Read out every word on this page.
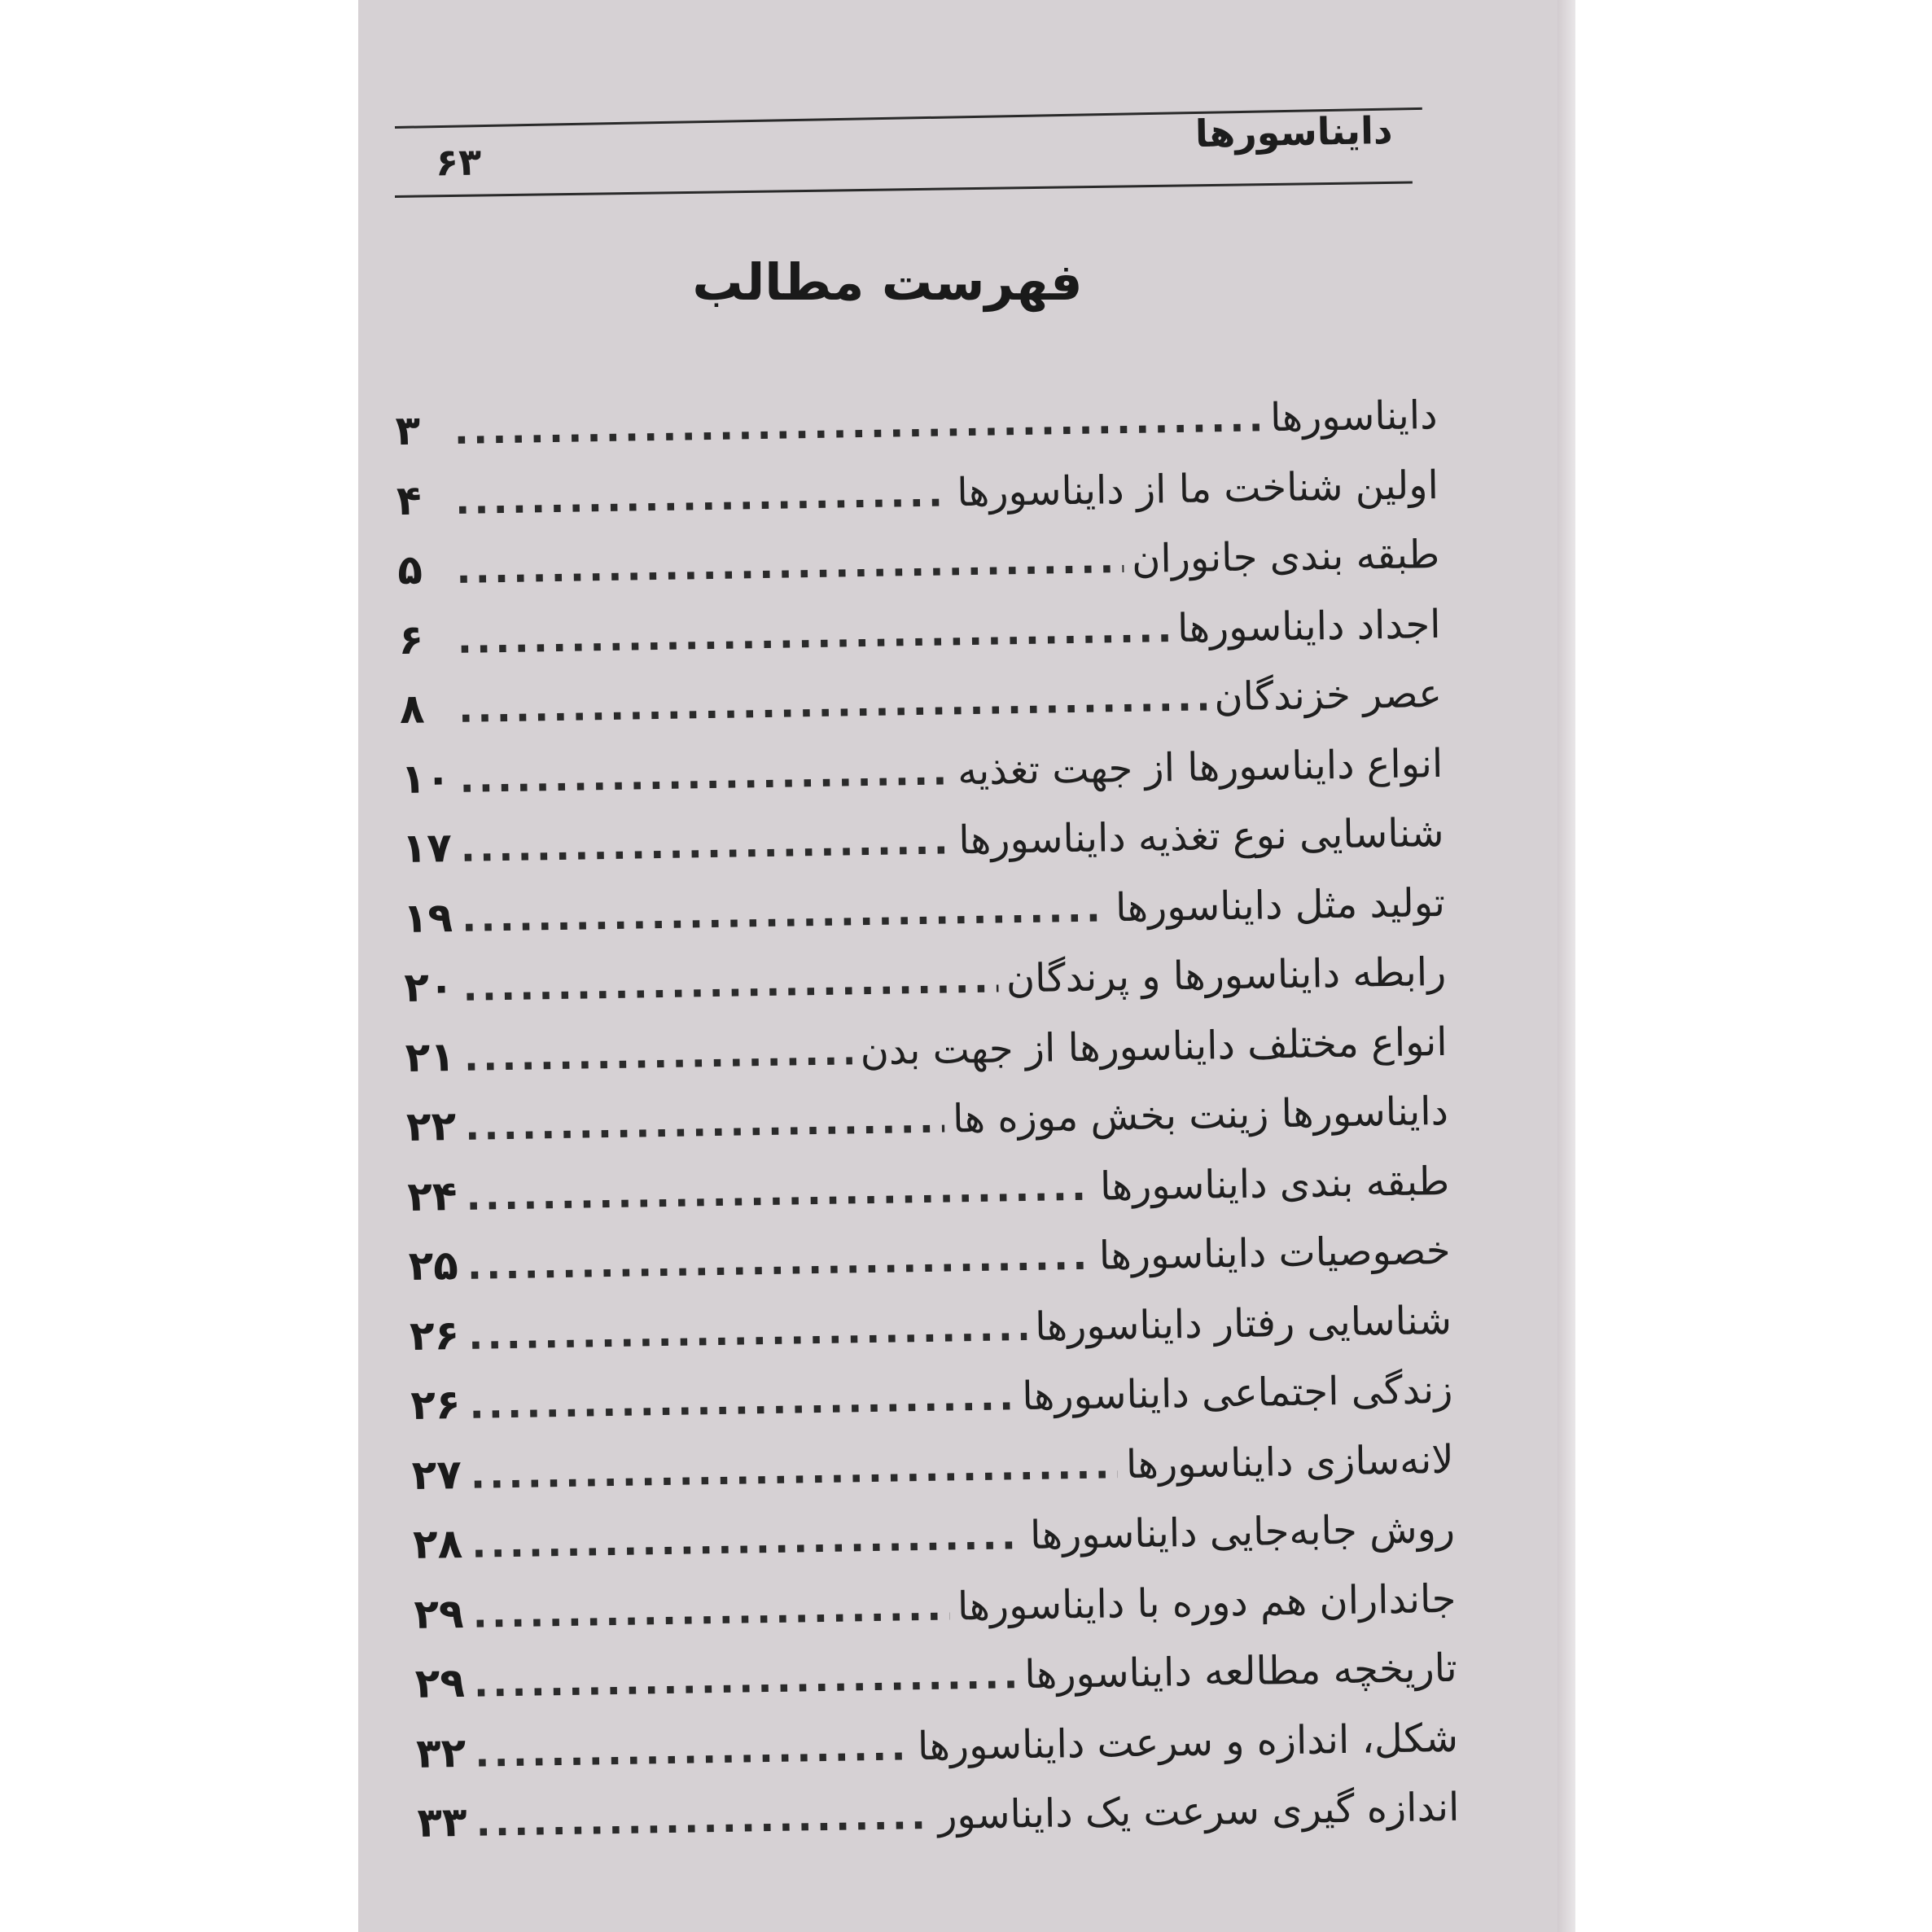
دایناسورها
۶۳
فهرست مطالب
دایناسورها
.....
۳
اولین شناخت ما از دایناسورها
.....
۴
طبقه بندی جانوران
.....
۵
اجداد دایناسورها
.....
۶
عصر خزندگان
.....
۸
انواع دایناسورها از جهت تغذیه
.....
۱۰
شناسایی نوع تغذیه دایناسورها
.....
۱۷
تولید مثل دایناسورها
.....
۱۹
رابطه دایناسورها و پرندگان
.....
۲۰
انواع مختلف دایناسورها از جهت بدن
.....
۲۱
دایناسورها زینت بخش موزه ها
.....
۲۲
طبقه بندی دایناسورها
.....
۲۴
خصوصیات دایناسورها
.....
۲۵
شناسایی رفتار دایناسورها
.....
۲۶
زندگی اجتماعی دایناسورها
.....
۲۶
لانه‌سازی دایناسورها
.....
۲۷
روش جابه‌جایی دایناسورها
.....
۲۸
جانداران هم دوره با دایناسورها
.....
۲۹
تاریخچه مطالعه دایناسورها
.....
۲۹
شکل، اندازه و سرعت دایناسورها
.....
۳۲
اندازه گیری سرعت یک دایناسور
.....
۳۳
